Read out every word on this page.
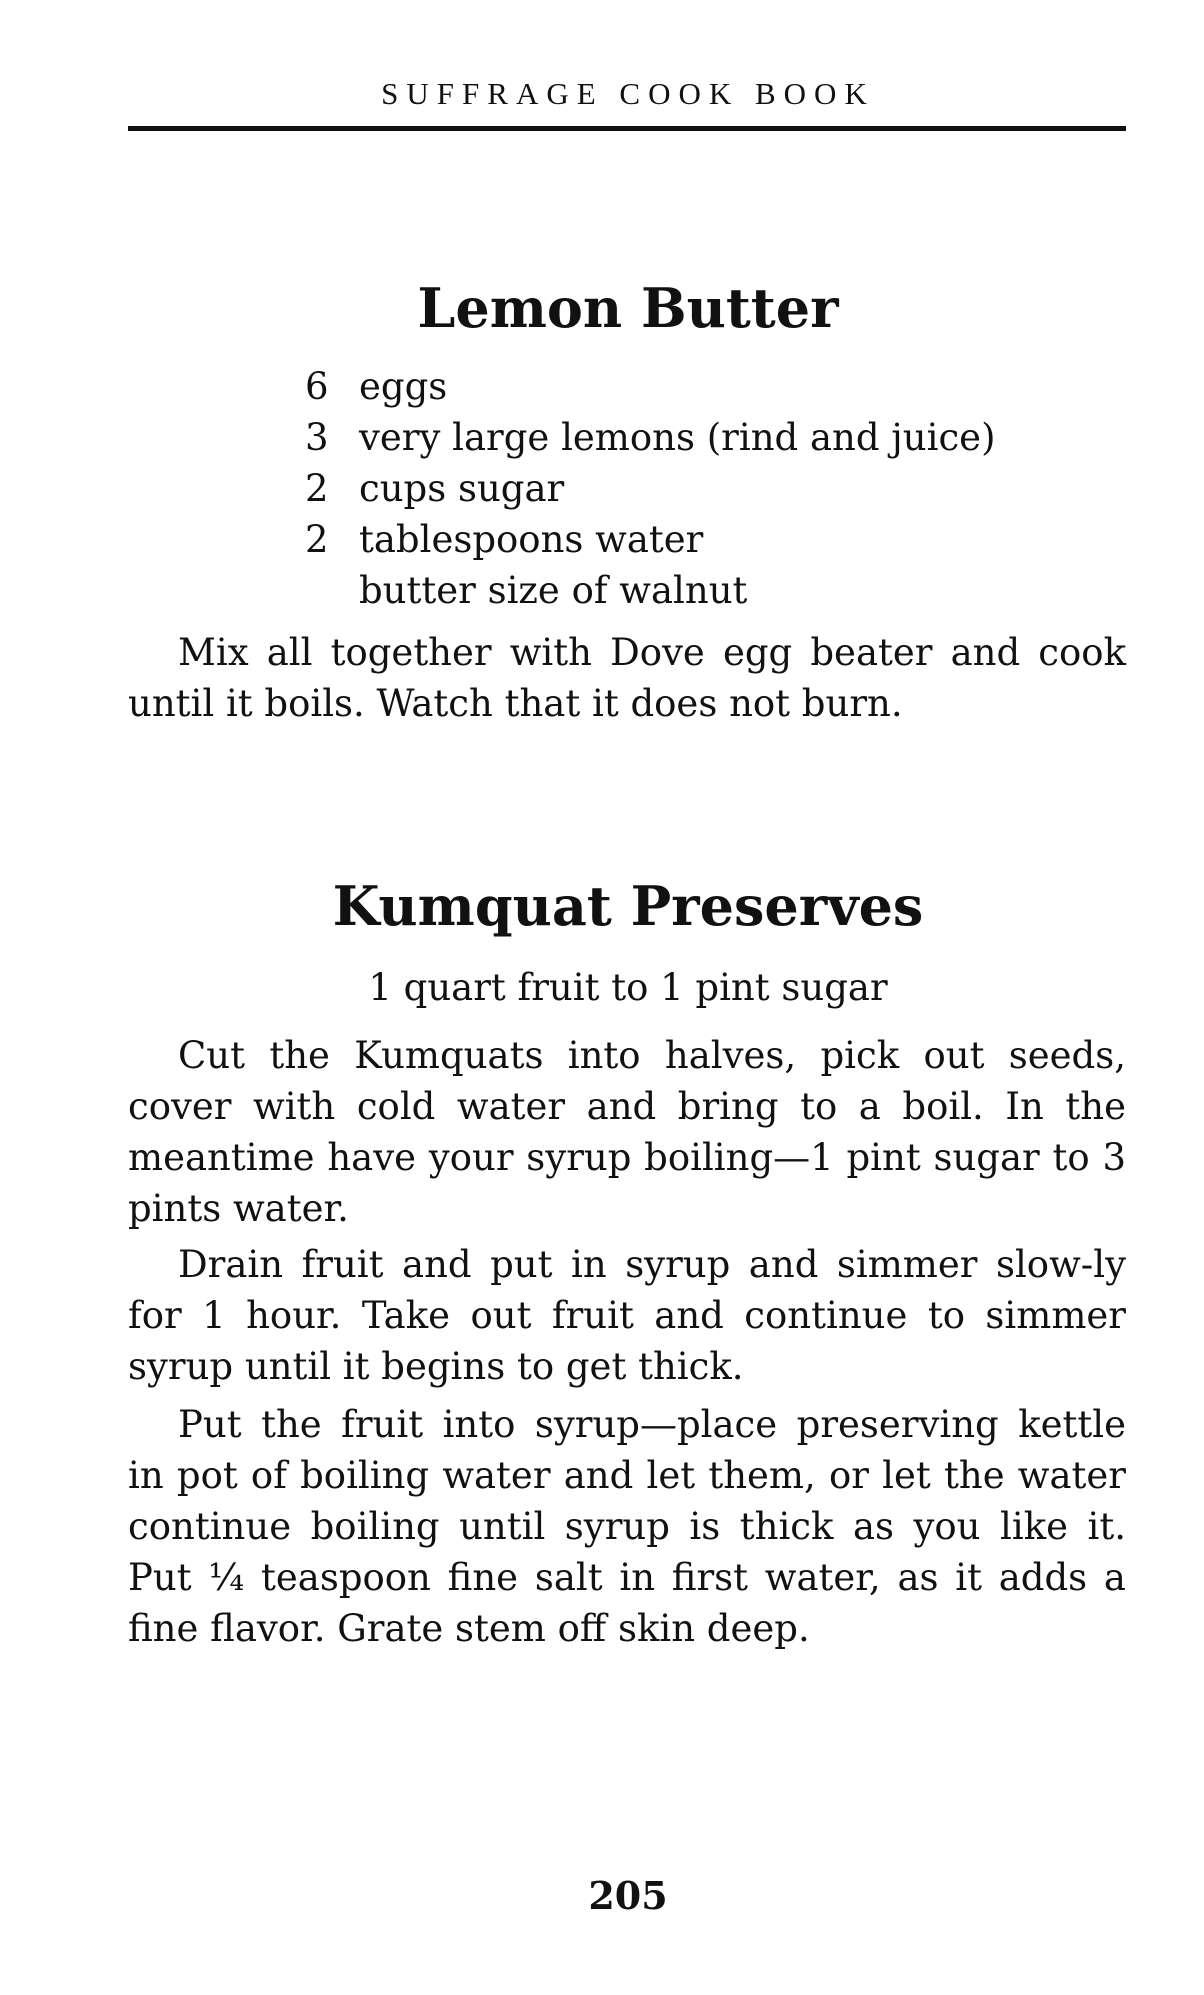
SUFFRAGE COOK BOOK
Lemon Butter
6 eggs
3 very large lemons (rind and juice)
2 cups sugar
2 tablespoons water
butter size of walnut

Mix all together with Dove egg beater and cook until it boils. Watch that it does not burn.

Kumquat Preserves

1 quart fruit to 1 pint sugar

Cut the Kumquats into halves, pick out seeds, cover with cold water and bring to a boil. In the meantime have your syrup boiling—1 pint sugar to 3 pints water.

Drain fruit and put in syrup and simmer slow-ly for 1 hour. Take out fruit and continue to simmer syrup until it begins to get thick.

Put the fruit into syrup—place preserving kettle in pot of boiling water and let them, or let the water continue boiling until syrup is thick as you like it. Put ¼ teaspoon fine salt in first water, as it adds a fine flavor. Grate stem off skin deep.

205
